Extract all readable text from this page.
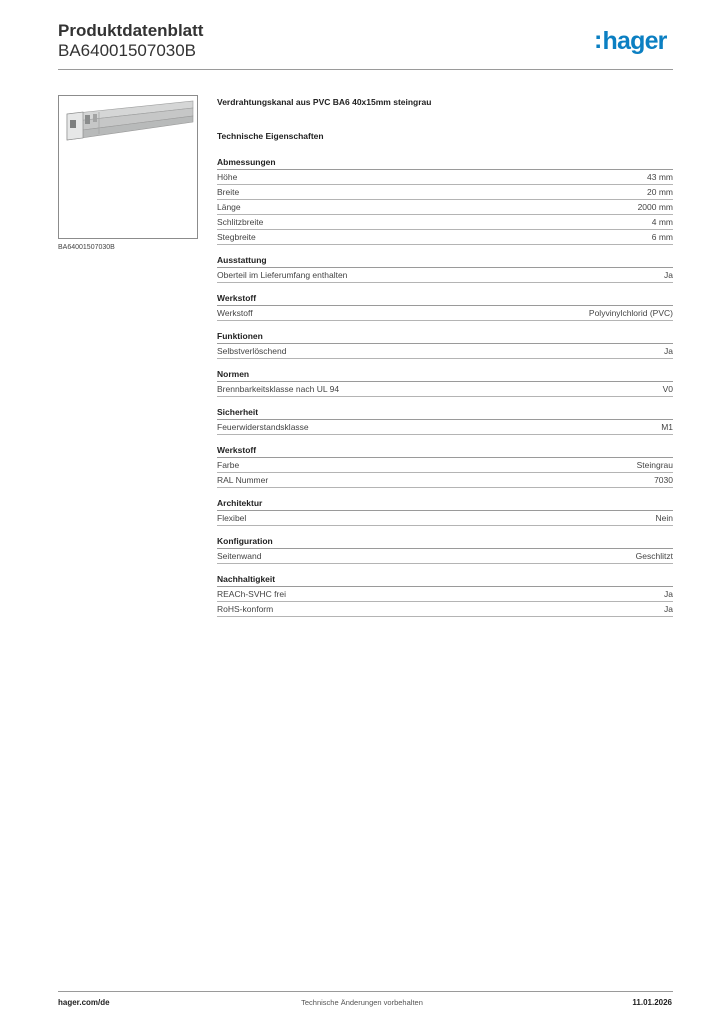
Produktdatenblatt
BA64001507030B	:hager
BA64001507030B
Verdrahtungskanal aus PVC BA6 40x15mm steingrau
Technische Eigenschaften
Abmessungen
Höhe	43 mm
Breite	20 mm
Länge	2000 mm
Schlitzbreite	4 mm
Stegbreite	6 mm
Ausstattung
Oberteil im Lieferumfang enthalten	Ja
Werkstoff
Werkstoff	Polyvinylchlorid (PVC)
Funktionen
Selbstverlöschend	Ja
Normen
Brennbarkeitsklasse nach UL 94	V0
Sicherheit
Feuerwiderstandsklasse	M1
Werkstoff
Farbe	Steingrau
RAL Nummer	7030
Architektur
Flexibel	Nein
Konfiguration
Seitenwand	Geschlitzt
Nachhaltigkeit
REACh-SVHC frei	Ja
RoHS-konform	Ja
hager.com/de	Technische Änderungen vorbehalten	11.01.2026
